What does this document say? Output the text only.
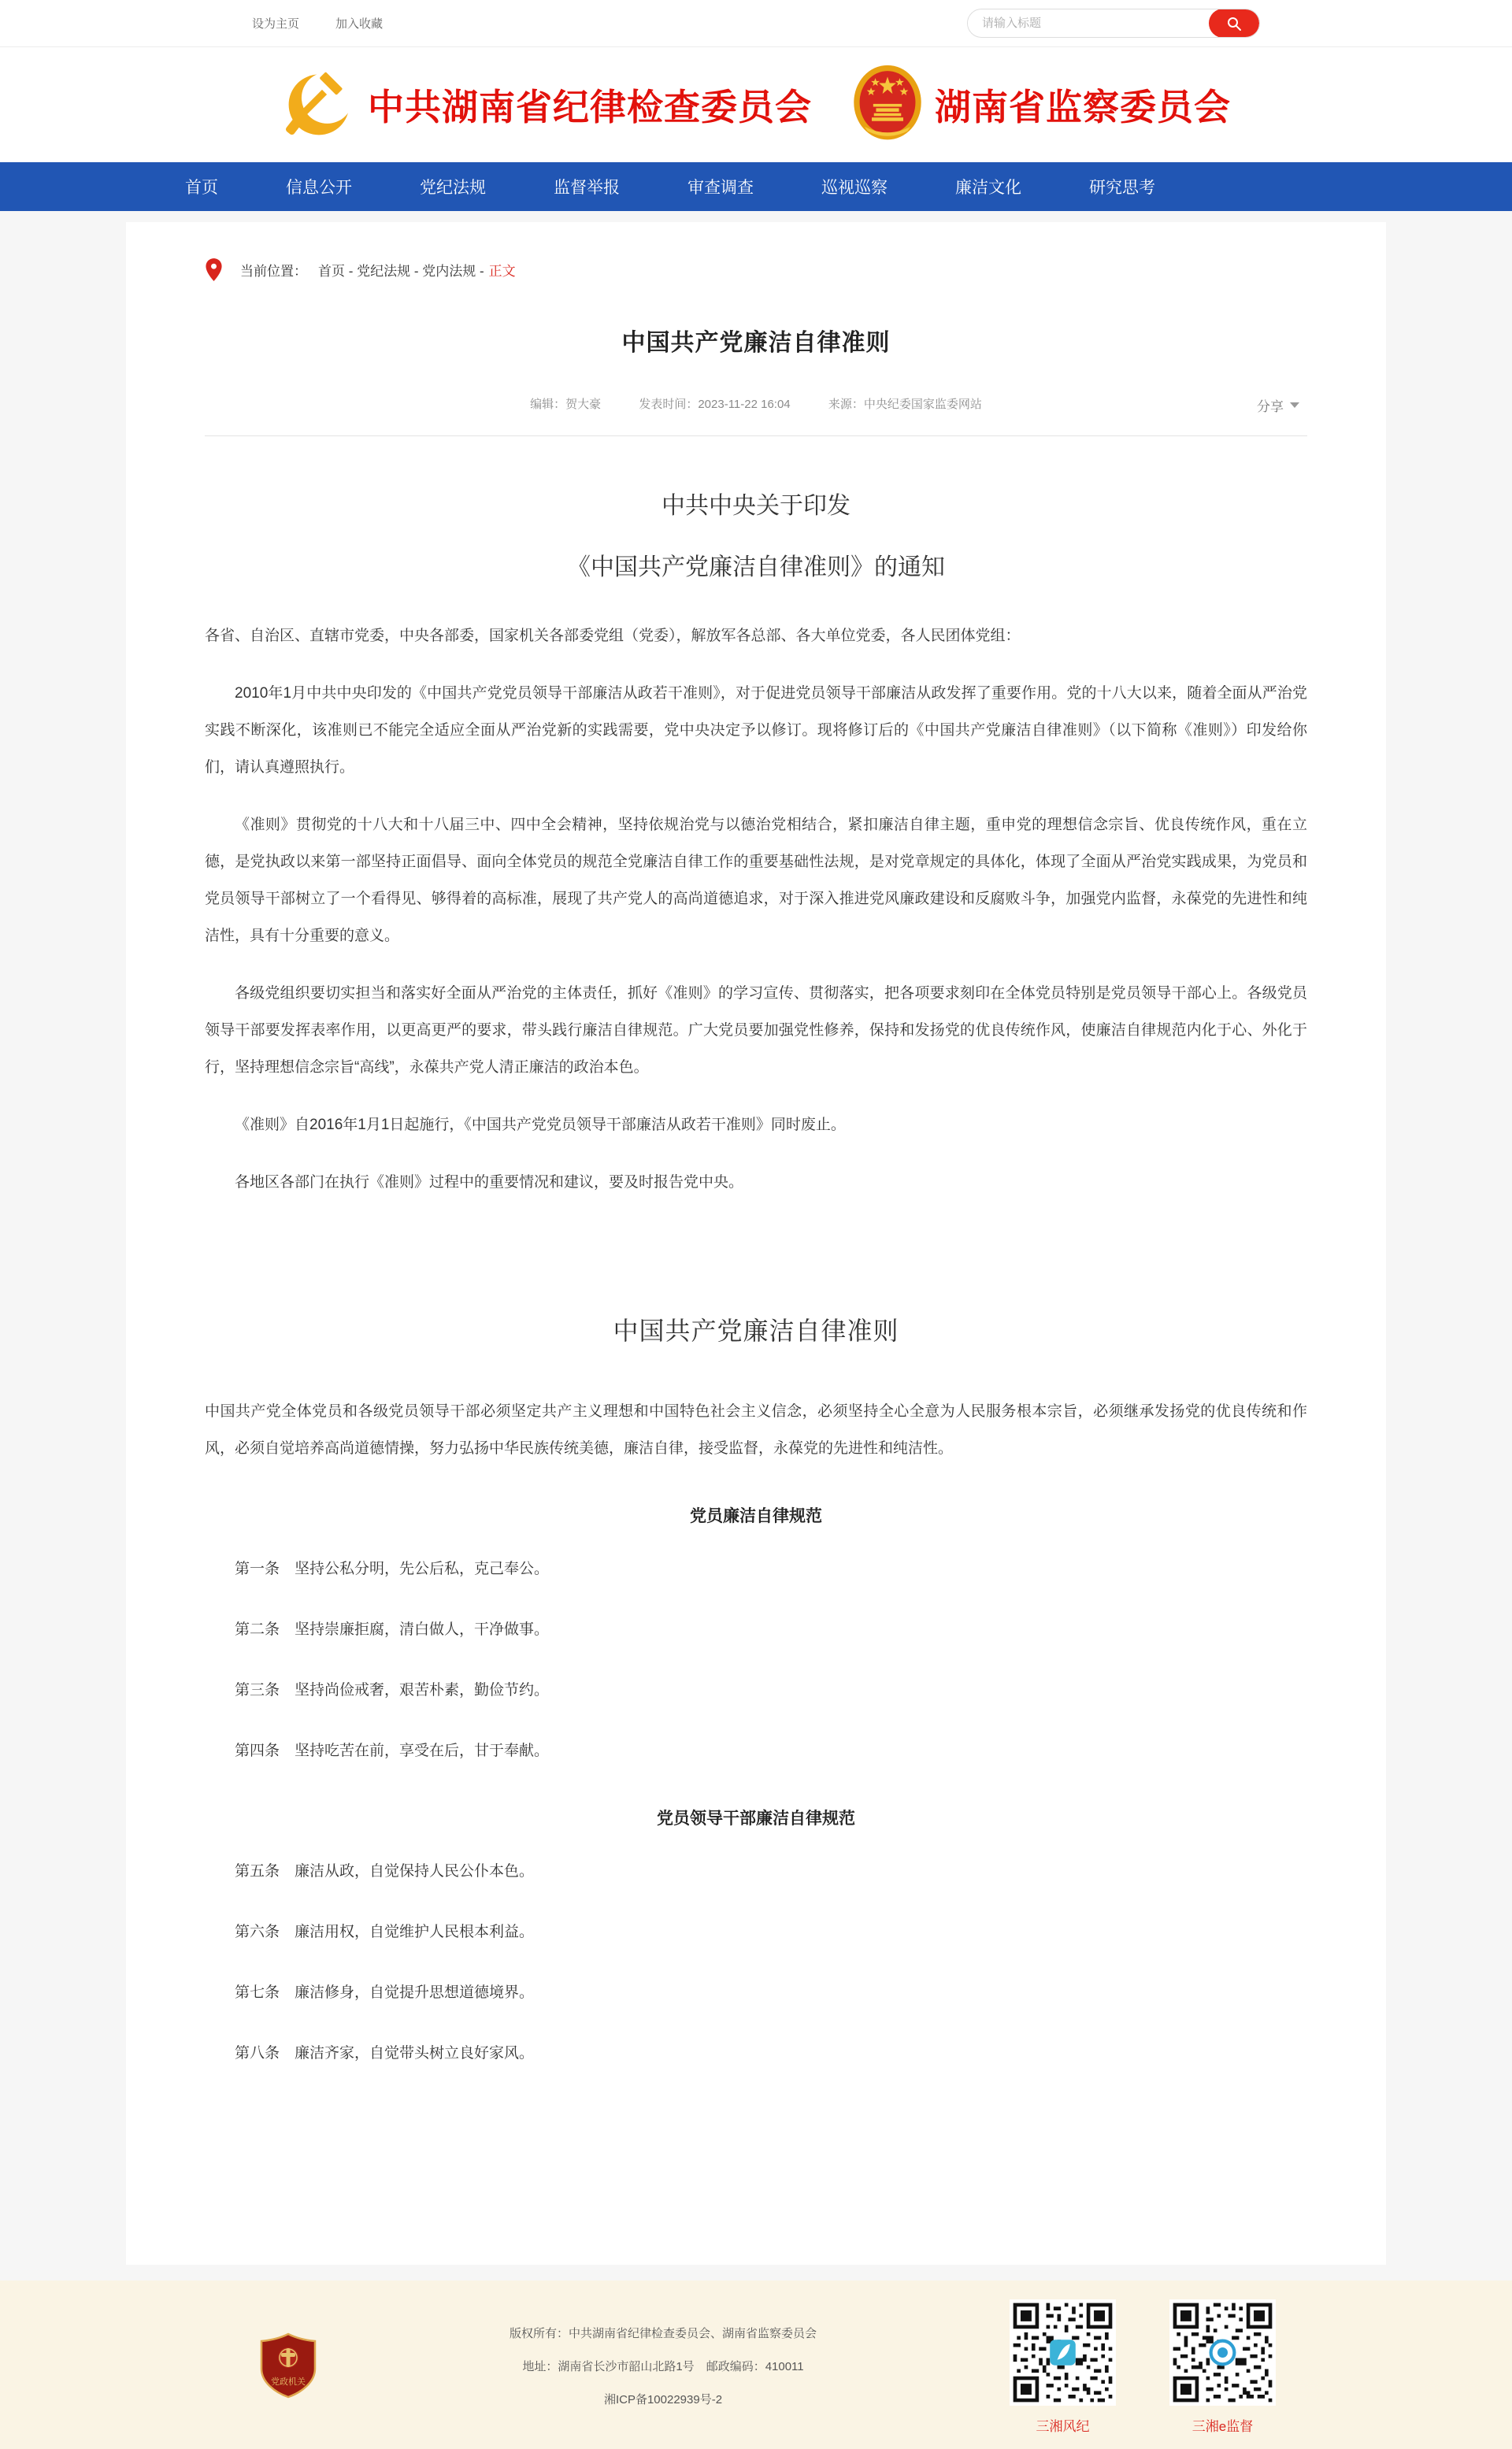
设为主页	加入收藏
请输入标题
中共湖南省纪律检查委员会	湖南省监察委员会
首页	信息公开	党纪法规	监督举报	审查调查	巡视巡察	廉洁文化	研究思考
当前位置： 首页 - 党纪法规 - 党内法规 - 正文
中国共产党廉洁自律准则
编辑：贺大豪	发表时间：2023-11-22 16:04	来源：中央纪委国家监委网站	分享
中共中央关于印发
《中国共产党廉洁自律准则》的通知

各省、自治区、直辖市党委，中央各部委，国家机关各部委党组（党委），解放军各总部、各大单位党委，各人民团体党组：

2010年1月中共中央印发的《中国共产党党员领导干部廉洁从政若干准则》，对于促进党员领导干部廉洁从政发挥了重要作用。党的十八大以来，随着全面从严治党实践不断深化，该准则已不能完全适应全面从严治党新的实践需要，党中央决定予以修订。现将修订后的《中国共产党廉洁自律准则》（以下简称《准则》）印发给你们，请认真遵照执行。

《准则》贯彻党的十八大和十八届三中、四中全会精神，坚持依规治党与以德治党相结合，紧扣廉洁自律主题，重申党的理想信念宗旨、优良传统作风，重在立德，是党执政以来第一部坚持正面倡导、面向全体党员的规范全党廉洁自律工作的重要基础性法规，是对党章规定的具体化，体现了全面从严治党实践成果，为党员和党员领导干部树立了一个看得见、够得着的高标准，展现了共产党人的高尚道德追求，对于深入推进党风廉政建设和反腐败斗争，加强党内监督，永葆党的先进性和纯洁性，具有十分重要的意义。

各级党组织要切实担当和落实好全面从严治党的主体责任，抓好《准则》的学习宣传、贯彻落实，把各项要求刻印在全体党员特别是党员领导干部心上。各级党员领导干部要发挥表率作用，以更高更严的要求，带头践行廉洁自律规范。广大党员要加强党性修养，保持和发扬党的优良传统作风，使廉洁自律规范内化于心、外化于行，坚持理想信念宗旨“高线”，永葆共产党人清正廉洁的政治本色。

《准则》自2016年1月1日起施行，《中国共产党党员领导干部廉洁从政若干准则》同时废止。

各地区各部门在执行《准则》过程中的重要情况和建议，要及时报告党中央。

中国共产党廉洁自律准则

中国共产党全体党员和各级党员领导干部必须坚定共产主义理想和中国特色社会主义信念，必须坚持全心全意为人民服务根本宗旨，必须继承发扬党的优良传统和作风，必须自觉培养高尚道德情操，努力弘扬中华民族传统美德，廉洁自律，接受监督，永葆党的先进性和纯洁性。

党员廉洁自律规范

第一条　坚持公私分明，先公后私，克己奉公。

第二条　坚持崇廉拒腐，清白做人，干净做事。

第三条　坚持尚俭戒奢，艰苦朴素，勤俭节约。

第四条　坚持吃苦在前，享受在后，甘于奉献。

党员领导干部廉洁自律规范

第五条　廉洁从政，自觉保持人民公仆本色。

第六条　廉洁用权，自觉维护人民根本利益。

第七条　廉洁修身，自觉提升思想道德境界。

第八条　廉洁齐家，自觉带头树立良好家风。

党政机关
版权所有：中共湖南省纪律检查委员会、湖南省监察委员会
地址：湖南省长沙市韶山北路1号　邮政编码：410011
湘ICP备10022939号-2
三湘风纪	三湘e监督
